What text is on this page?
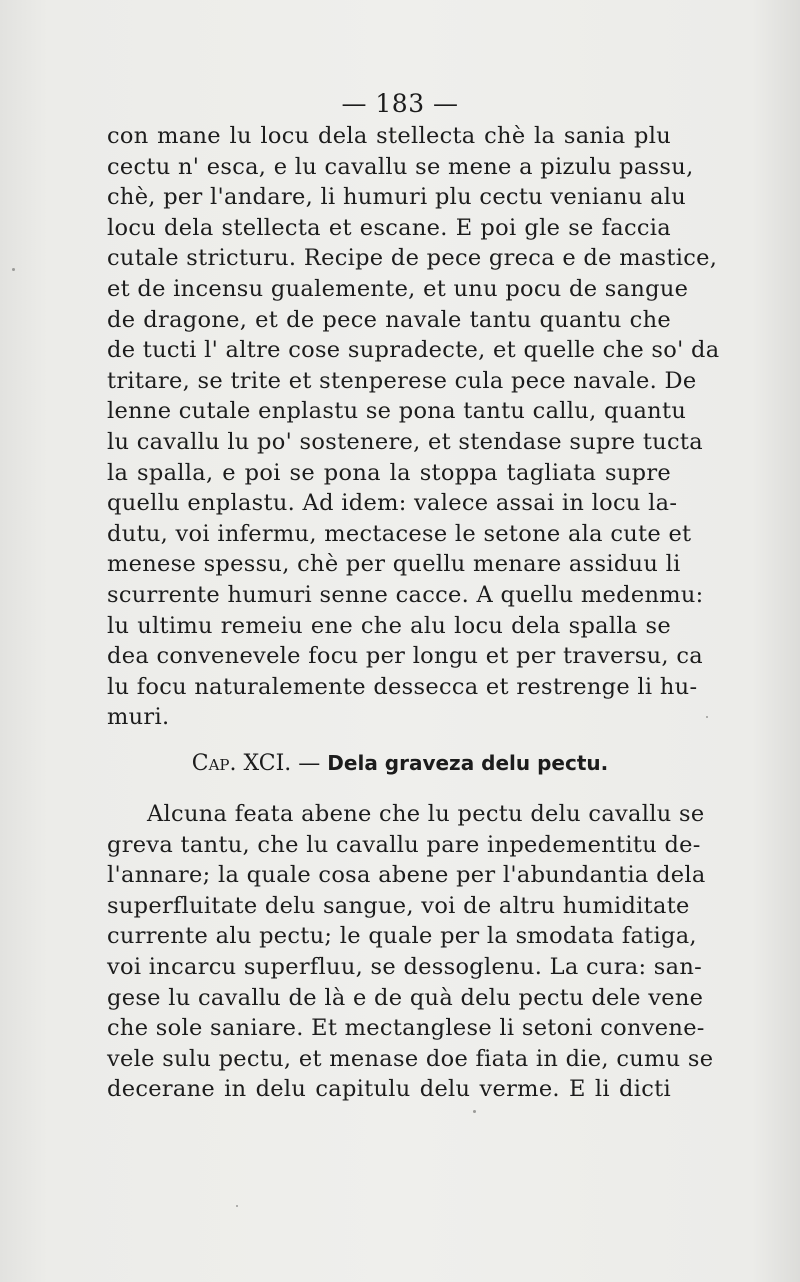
— 183 —
con mane lu locu dela stellecta chè la sania plu
cectu n' esca, e lu cavallu se mene a pizulu passu,
chè, per l'andare, li humuri plu cectu venianu alu
locu dela stellecta et escane. E poi gle se faccia
cutale stricturu. Recipe de pece greca e de mastice,
et de incensu gualemente, et unu pocu de sangue
de dragone, et de pece navale tantu quantu che
de tucti l' altre cose supradecte, et quelle che so' da
tritare, se trite et stenperese cula pece navale. De
lenne cutale enplastu se pona tantu callu, quantu
lu cavallu lu po' sostenere, et stendase supre tucta
la spalla, e poi se pona la stoppa tagliata supre
quellu enplastu. Ad idem: valece assai in locu la-
dutu, voi infermu, mectacese le setone ala cute et
menese spessu, chè per quellu menare assiduu li
scurrente humuri senne cacce. A quellu medenmu:
lu ultimu remeiu ene che alu locu dela spalla se
dea convenevele focu per longu et per traversu, ca
lu focu naturalemente dessecca et restrenge li hu-
muri.
Cap. XCI. — Dela graveza delu pectu.
Alcuna feata abene che lu pectu delu cavallu se
greva tantu, che lu cavallu pare inpedementitu de-
l'annare; la quale cosa abene per l'abundantia dela
superfluitate delu sangue, voi de altru humiditate
currente alu pectu; le quale per la smodata fatiga,
voi incarcu superfluu, se dessoglenu. La cura: san-
gese lu cavallu de là e de quà delu pectu dele vene
che sole saniare. Et mectanglese li setoni convene-
vele sulu pectu, et menase doe fiata in die, cumu se
decerane in delu capitulu delu verme. E li dicti
